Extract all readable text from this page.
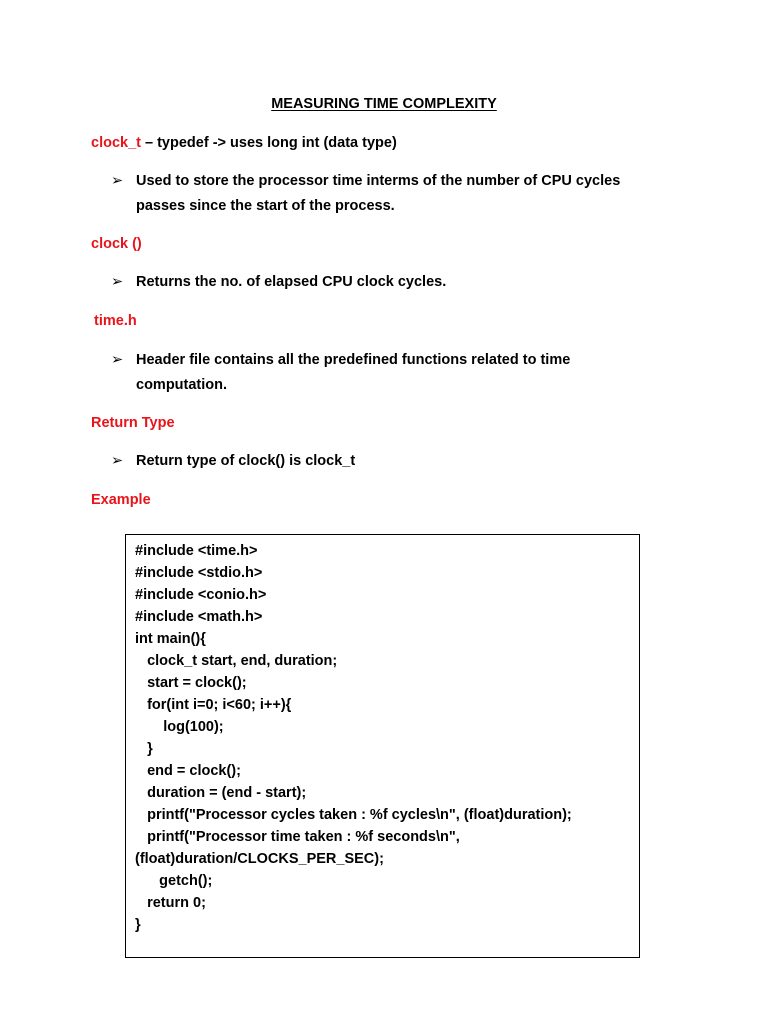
MEASURING TIME COMPLEXITY
clock_t – typedef -> uses long int (data type)
➢ Used to store the processor time interms of the number of CPU cycles
passes since the start of the process.
clock ()
➢ Returns the no. of elapsed CPU clock cycles.
time.h
➢ Header file contains all the predefined functions related to time
computation.
Return Type
➢ Return type of clock() is clock_t
Example
#include <time.h>
#include <stdio.h>
#include <conio.h>
#include <math.h>
int main(){
clock_t start, end, duration;
start = clock();
for(int i=0; i<60; i++){
log(100);
}
end = clock();
duration = (end - start);
printf("Processor cycles taken : %f cycles\n", (float)duration);
printf("Processor time taken : %f seconds\n",
(float)duration/CLOCKS_PER_SEC);
getch();
return 0;
}
